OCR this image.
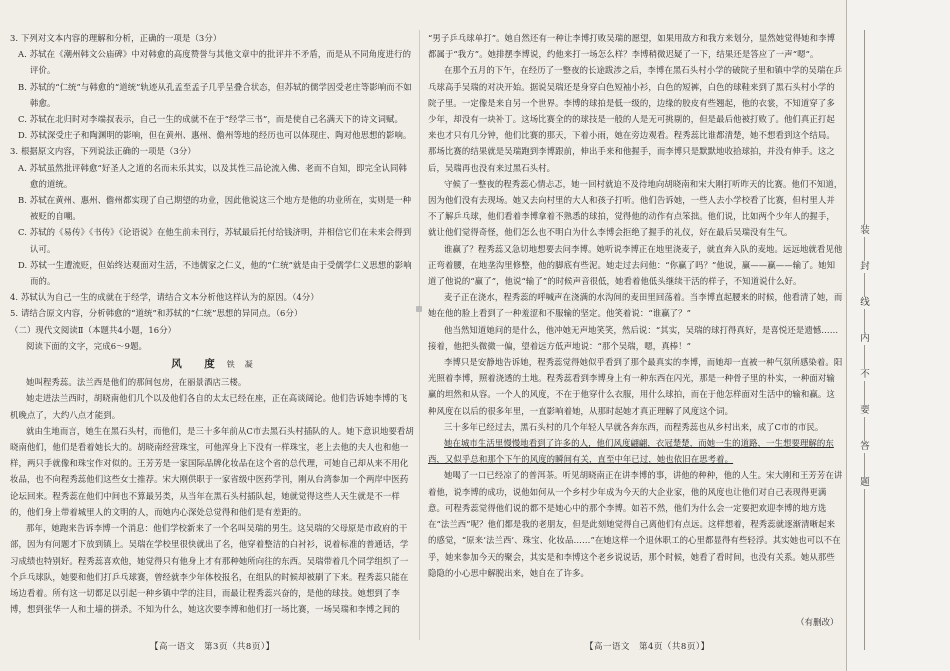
3. 下列对文本内容的理解和分析，正确的一项是（3分）

A. 苏轼在《潮州韩文公庙碑》中对韩愈的高度赞誉与其他文章中的批评并不矛盾，而是从不同角度进行的评价。

B. 苏轼的“仁统”与韩愈的“道统”轨迹从孔孟至孟子几乎呈叠合状态，但苏轼的儒学因受老庄等影响而不如韩愈。

C. 苏轼在北归时对李端叔表示，自己一生的成就不在于“经学三书”，而是使自己名满天下的诗文词赋。

D. 苏轼深受庄子和陶渊明的影响，但在黄州、惠州、儋州等地的经历也可以体现庄、陶对他思想的影响。

3. 根据原文内容，下列说法正确的一项是（3分）

A. 苏轼虽然批评韩愈“好圣人之道的名而未乐其实，以及其性三品论流入佛、老而不自知，即完全认同韩愈的道统。

B. 苏轼在黄州、惠州、儋州都实现了自己期望的功业，因此他说这三个地方是他的功业所在，实则是一种被贬的自嘲。

C. 苏轼的《易传》《书传》《论语说》在他生前未刊行，苏轼最后托付给钱济明，并相信它们在未来会得到认可。

D. 苏轼一生遭流贬，但始终达观面对生活，不违儒家之仁义，他的“仁统”就是由于受儒学仁义思想的影响而的。

4. 苏轼认为自己一生的成就在于经学，请结合文本分析他这样认为的原因。（4分）

5. 请结合原文内容，分析韩愈的“道统”和苏轼的“仁统”思想的异同点。（6分）

（二）现代文阅读Ⅱ（本题共4小题，16分）

阅读下面的文字，完成6～9题。

风　度 铁　凝

她叫程秀蕊。法兰西是他们的那间包房，在丽景酒店三楼。

她走进法兰西时，胡晓南他们几个以及他们各自的太太已经在座，正在高谈阔论。他们告诉她李博的飞机晚点了，大约八点才能到。

就由生地而言，她生在黑石头村，而他们，是三十多年前从C市去黑石头村插队的人。她下意识地要看胡晓南他们，他们是看着她长大的。胡晓南经营珠宝，可他浑身上下没有一样珠宝，老上去他的夫人也和他一样，两只手就像和珠宝作对似的。王芳芳是一家国际品牌化妆品在这个省的总代理，可她自己却从来不用化妆品，也不向程秀蕊他们这些女士推荐。宋大刚供职于一家省级中医药学刊，刚从台湾参加一个两岸中医药论坛回来。程秀蕊在他们中间也不算最另类，从当年在黑石头村插队起，她就觉得这些人天生就是不一样的，他们身上带着城里人的文明的人，而她内心深处总觉得和他们是有差距的。

那年，她跑来告诉李博一个消息：他们学校新来了一个名叫吴瑞的男生。这吴瑞的父母原是市政府的干部，因为有问题才下放到镇上。吴瑞在学校里很快就出了名，他穿着整洁的白衬衫，说着标准的普通话，学习成绩也特别好。程秀蕊喜欢他，她觉得只有他身上才有那种她所向往的东西。吴瑞带着几个同学组织了一个乒乓球队，她要和他们打乒乓球赛，曾经就李少年体校报名，在组队的时候却被刷了下来。程秀蕊只能在场边看着。所有这一切都足以引起一种乡镇中学的注目，而最让程秀蕊兴奋的，是他的球技。她想到了李博，想到张华一人和土墙的拼杀。不知为什么，她这次要李博和他们打一场比赛，一场吴瑞和李博之间的

“男子乒乓球单打”。她自然还有一种让李博打败吴瑞的愿望，如果用敌方和我方来划分，显然她觉得她和李博都属于“我方”。她排摆李博说，约他来打一场怎么样？李博稍微迟疑了一下，结果还是答应了一声“嗯”。

在那个五月的下午，在经历了一整夜的长途跋涉之后，李博在黑石头村小学的破院子里和镇中学的吴瑞在乒乓球高手吴瑞的对决开始。据说吴瑞还是身穿白色短袖小衫，白色的短裤，白色的球鞋来到了黑石头村小学的院子里。一定像是来自另一个世界。李博的球拍是低一级的，边缘的胶皮有些翘起，他的衣裳，不知道穿了多少年，却没有一块补丁。这场比赛全的的球技是一般的人是无可挑剔的，但是最后他被打败了。他们真正打起来也才只有几分钟，他们比赛的那天，下着小雨，她在旁边观看。程秀蕊比谁都清楚，她不想看到这个结局。那场比赛的结果就是吴瑞跑到李博跟前，伸出手来和他握手，而李博只是默默地收拾球拍，并没有伸手。这之后，吴瑞再也没有来过黑石头村。

守候了一整夜的程秀蕊心情忐忑，她一回村就迫不及待地向胡晓南和宋大刚打听昨天的比赛。他们不知道，因为他们没有去现场。她又去向村里的大人和孩子打听。他们告诉她，一些人去小学校看了比赛，但村里人并不了解乒乓球，他们看着李博拿着不熟悉的球拍，觉得他的动作有点笨拙。他们说，比如两个少年人的握手，就让他们觉得奇怪，他们怎么也不明白为什么李博会拒绝了握手的礼仪，好在最后吴瑞没有生气。

谁赢了？程秀蕊又急切地想要去问李博。她听说李博正在地里浇麦子，就直奔入队的麦地。远远地就看见他正弯着腰，在地垄沟里修整，他的脚底有些泥。她走过去问他：“你赢了吗？”他说，赢——赢——输了。她知道了他说的“赢了”，他说“输了”的时候声音很低，她看着他低头继续干活的样子，不知道说什么好。

麦子正在浇水，程秀蕊的呼喊声在浇满的水沟间的麦田里回荡着。当李博直起腰来的时候，他看清了她，而她在他的脸上看到了一种羞涩和不服输的坚定。他笑着说：“谁赢了？”

他当然知道她问的是什么，他冲她无声地笑笑，然后说：“其实，吴瑞的球打得真好，是喜悦还是遗憾……接着，他把头微微一偏，望着远方低声地说：“那个吴瑞，嗯，真棒！”

李博只是安静地告诉她，程秀蕊觉得她似乎看到了那个最真实的李博，而她却一直被一种气氛所感染着。阳光照着李博，照着浇透的土地。程秀蕊看到李博身上有一种东西在闪光，那是一种骨子里的朴实，一种面对输赢的坦然和从容。一个人的风度，不在于他穿什么衣服，用什么球拍，而在于他怎样面对生活中的输和赢。这种风度在以后的很多年里，一直影响着她，从那时起她才真正理解了风度这个词。

三十多年已经过去，黑石头村的几个年轻人早就各奔东西，而程秀蕊也从乡村出来，成了C市的市民。

她在城市生活里慢慢地看到了许多的人，他们风度翩翩，衣冠楚楚，而她一生的道路，一生想要理解的东西，又似乎总和那个下午的风度的瞬间有关，直至中年已过，她也依旧在思考着。

她喝了一口已经凉了的普洱茶。听见胡晓南正在讲李博的事，讲他的种种，他的人生。宋大刚和王芳芳在讲着他，说李博的成功，说他如何从一个乡村少年成为今天的大企业家，他的风度也让他们对自己表现得更满意。可程秀蕊觉得他们说的都不是她心中的那个李博。如若不然，他们为什么会一定要把欢迎李博的地方选在“法兰西”呢？他们都是我的老朋友，但是此刻她觉得自己离他们有点远。这样想着，程秀蕊就逐渐清晰起来的感觉，“原来‘法兰西’、珠宝、化妆品……”在她这样一个退休职工的心里都显得有些轻浮。其实她也可以不在乎，她来参加今天的聚会，其实是和李博这个老乡说说话，那个时候，她看了看时间，也没有关系。她从那些隐隐的小心思中解脱出来，她自在了许多。

（有删改）
【高一语文　第3页（共8页）】	【高一语文　第4页（共8页）】
装
封
线
内
不
要
答
题
